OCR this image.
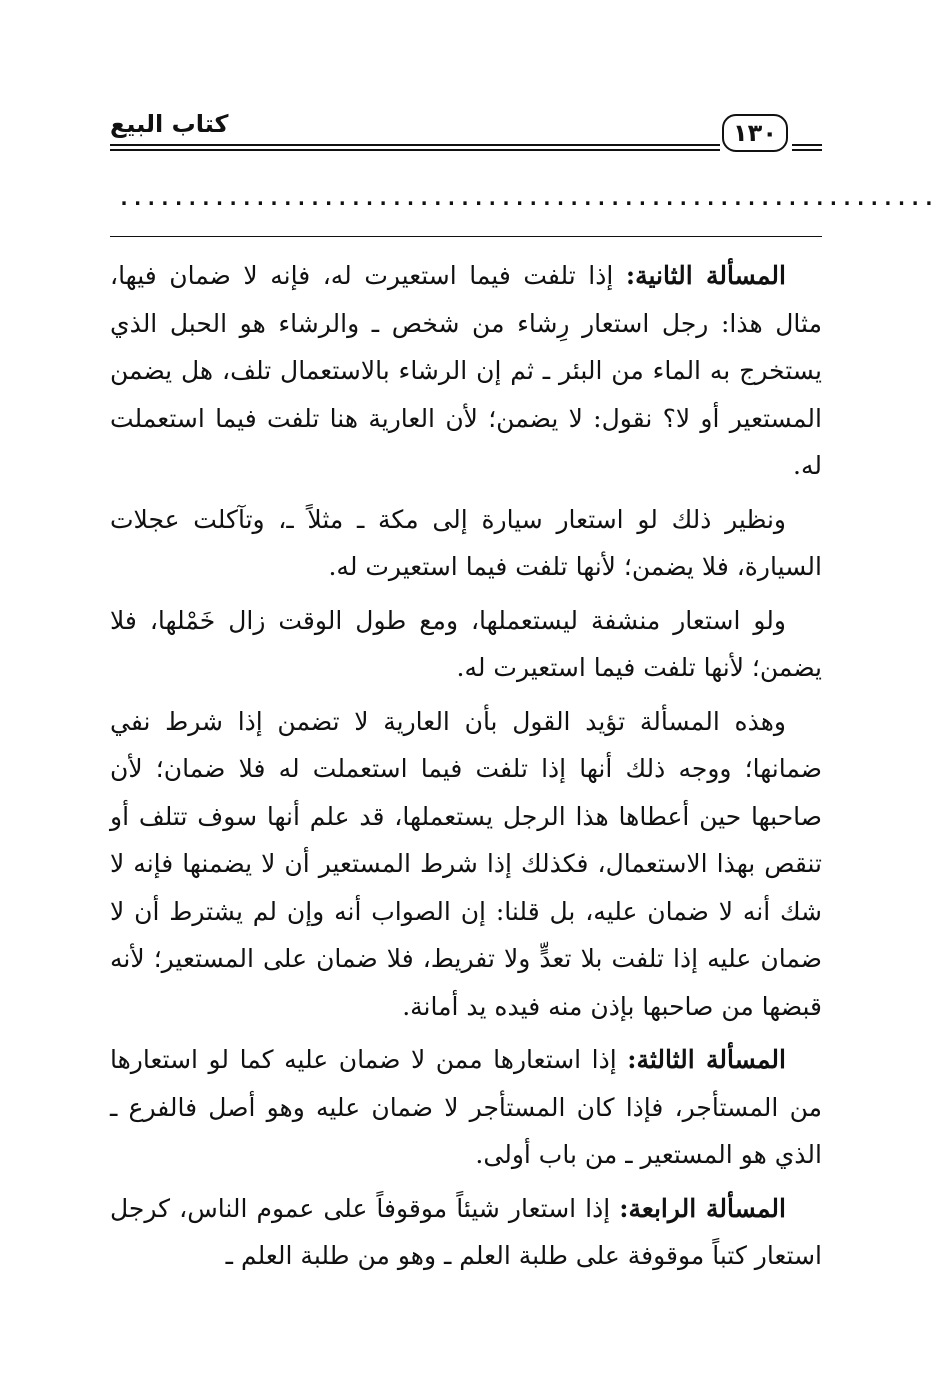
كتاب البيع	١٣٠
............................................................

المسألة الثانية: إذا تلفت فيما استعيرت له، فإنه لا ضمان فيها، مثال هذا: رجل استعار رِشاء من شخص ـ والرشاء هو الحبل الذي يستخرج به الماء من البئر ـ ثم إن الرشاء بالاستعمال تلف، هل يضمن المستعير أو لا؟ نقول: لا يضمن؛ لأن العارية هنا تلفت فيما استعملت له.

ونظير ذلك لو استعار سيارة إلى مكة ـ مثلاً ـ، وتآكلت عجلات السيارة، فلا يضمن؛ لأنها تلفت فيما استعيرت له.

ولو استعار منشفة ليستعملها، ومع طول الوقت زال خَمْلها، فلا يضمن؛ لأنها تلفت فيما استعيرت له.

وهذه المسألة تؤيد القول بأن العارية لا تضمن إذا شرط نفي ضمانها؛ ووجه ذلك أنها إذا تلفت فيما استعملت له فلا ضمان؛ لأن صاحبها حين أعطاها هذا الرجل يستعملها، قد علم أنها سوف تتلف أو تنقص بهذا الاستعمال، فكذلك إذا شرط المستعير أن لا يضمنها فإنه لا شك أنه لا ضمان عليه، بل قلنا: إن الصواب أنه وإن لم يشترط أن لا ضمان عليه إذا تلفت بلا تعدٍّ ولا تفريط، فلا ضمان على المستعير؛ لأنه قبضها من صاحبها بإذن منه فيده يد أمانة.

المسألة الثالثة: إذا استعارها ممن لا ضمان عليه كما لو استعارها من المستأجر، فإذا كان المستأجر لا ضمان عليه وهو أصل فالفرع ـ الذي هو المستعير ـ من باب أولى.

المسألة الرابعة: إذا استعار شيئاً موقوفاً على عموم الناس، كرجل استعار كتباً موقوفة على طلبة العلم ـ وهو من طلبة العلم ـ
